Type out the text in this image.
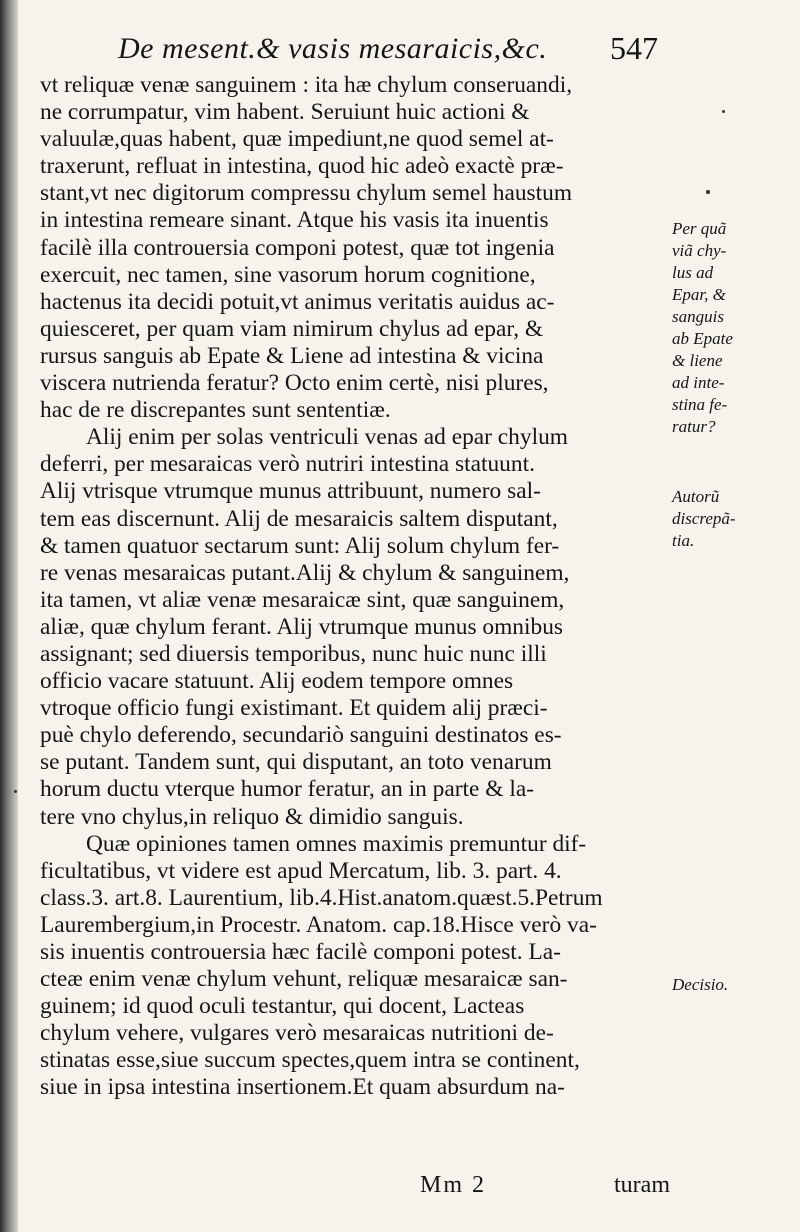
De mesent.& vasis mesaraicis,&c. 547
vt reliquæ venæ sanguinem : ita hæ chylum conseruandi,
ne corrumpatur, vim habent. Seruiunt huic actioni &
valuulæ,quas habent, quæ impediunt,ne quod semel at-
traxerunt, refluat in intestina, quod hic adeò exactè præ-
stant,vt nec digitorum compressu chylum semel haustum
in intestina remeare sinant. Atque his vasis ita inuentis
facilè illa controuersia componi potest, quæ tot ingenia
exercuit, nec tamen, sine vasorum horum cognitione,
hactenus ita decidi potuit,vt animus veritatis auidus ac-
quiesceret, per quam viam nimirum chylus ad epar, &
rursus sanguis ab Epate & Liene ad intestina & vicina
viscera nutrienda feratur? Octo enim certè, nisi plures,
hac de re discrepantes sunt sententiæ.
Alij enim per solas ventriculi venas ad epar chylum
deferri, per mesaraicas verò nutriri intestina statuunt.
Alij vtrisque vtrumque munus attribuunt, numero sal-
tem eas discernunt. Alij de mesaraicis saltem disputant,
& tamen quatuor sectarum sunt: Alij solum chylum fer-
re venas mesaraicas putant.Alij & chylum & sanguinem,
ita tamen, vt aliæ venæ mesaraicæ sint, quæ sanguinem,
aliæ, quæ chylum ferant. Alij vtrumque munus omnibus
assignant; sed diuersis temporibus, nunc huic nunc illi
officio vacare statuunt. Alij eodem tempore omnes
vtroque officio fungi existimant. Et quidem alij præci-
puè chylo deferendo, secundariò sanguini destinatos es-
se putant. Tandem sunt, qui disputant, an toto venarum
horum ductu vterque humor feratur, an in parte & la-
tere vno chylus,in reliquo & dimidio sanguis.
Quæ opiniones tamen omnes maximis premuntur dif-
ficultatibus, vt videre est apud Mercatum, lib. 3. part. 4.
class.3. art.8. Laurentium, lib.4.Hist.anatom.quæst.5.Petrum
Laurembergium,in Procestr. Anatom. cap.18.Hisce verò va-
sis inuentis controuersia hæc facilè componi potest. La-
cteæ enim venæ chylum vehunt, reliquæ mesaraicæ san-
guinem; id quod oculi testantur, qui docent, Lacteas
chylum vehere, vulgares verò mesaraicas nutritioni de-
stinatas esse,siue succum spectes,quem intra se continent,
siue in ipsa intestina insertionem.Et quam absurdum na-
Per quã
viã chy-
lus ad
Epar, &
sanguis
ab Epate
& liene
ad inte-
stina fe-
ratur?
Autorũ
discrepã-
tia.
Decisio.
Mm 2	turam
